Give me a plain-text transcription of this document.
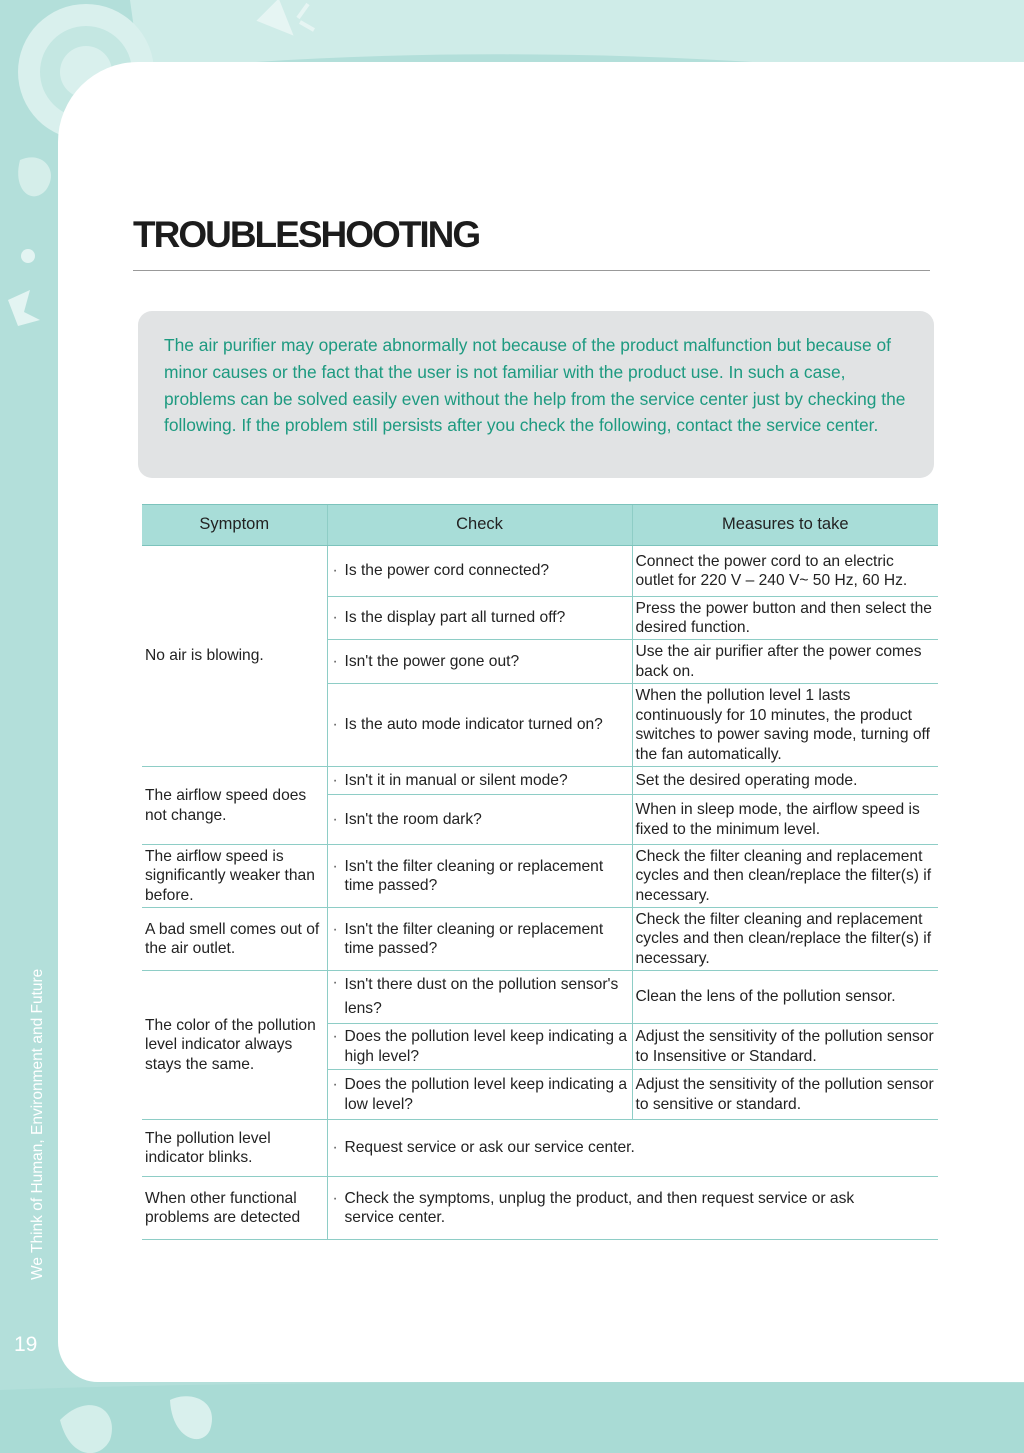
TROUBLESHOOTING

The air purifier may operate abnormally not because of the product malfunction but because of minor causes or the fact that the user is not familiar with the product use. In such a case, problems can be solved easily even without the help from the service center just by checking the following. If the problem still persists after you check the following, contact the service center.

Symptom	Check	Measures to take
No air is blowing.	· Is the power cord connected?	Connect the power cord to an electric outlet for 220 V – 240 V~ 50 Hz, 60 Hz.

	· Is the display part all turned off?	Press the power button and then select the desired function.

	· Isn't the power gone out?	Use the air purifier after the power comes back on.

	· Is the auto mode indicator turned on?	When the pollution level 1 lasts continuously for 10 minutes, the product switches to power saving mode, turning off the fan automatically.
The airflow speed does not change.	· Isn't it in manual or silent mode?	Set the desired operating mode.

	· Isn't the room dark?	When in sleep mode, the airflow speed is fixed to the minimum level.
The airflow speed is significantly weaker than before.	· Isn't the filter cleaning or replacement time passed?	Check the filter cleaning and replacement cycles and then clean/replace the filter(s) if necessary.
A bad smell comes out of the air outlet.	· Isn't the filter cleaning or replacement time passed?	Check the filter cleaning and replacement cycles and then clean/replace the filter(s) if necessary.
The color of the pollution level indicator always stays the same.	· Isn't there dust on the pollution sensor's lens?	Clean the lens of the pollution sensor.

	· Does the pollution level keep indicating a high level?	Adjust the sensitivity of the pollution sensor to Insensitive or Standard.

	· Does the pollution level keep indicating a low level?	Adjust the sensitivity of the pollution sensor to sensitive or standard.
The pollution level indicator blinks.	· Request service or ask our service center.	

When other functional problems are detected	· Check the symptoms, unplug the product, and then request service or ask service center.	
We Think of Human, Environment and Future
19
